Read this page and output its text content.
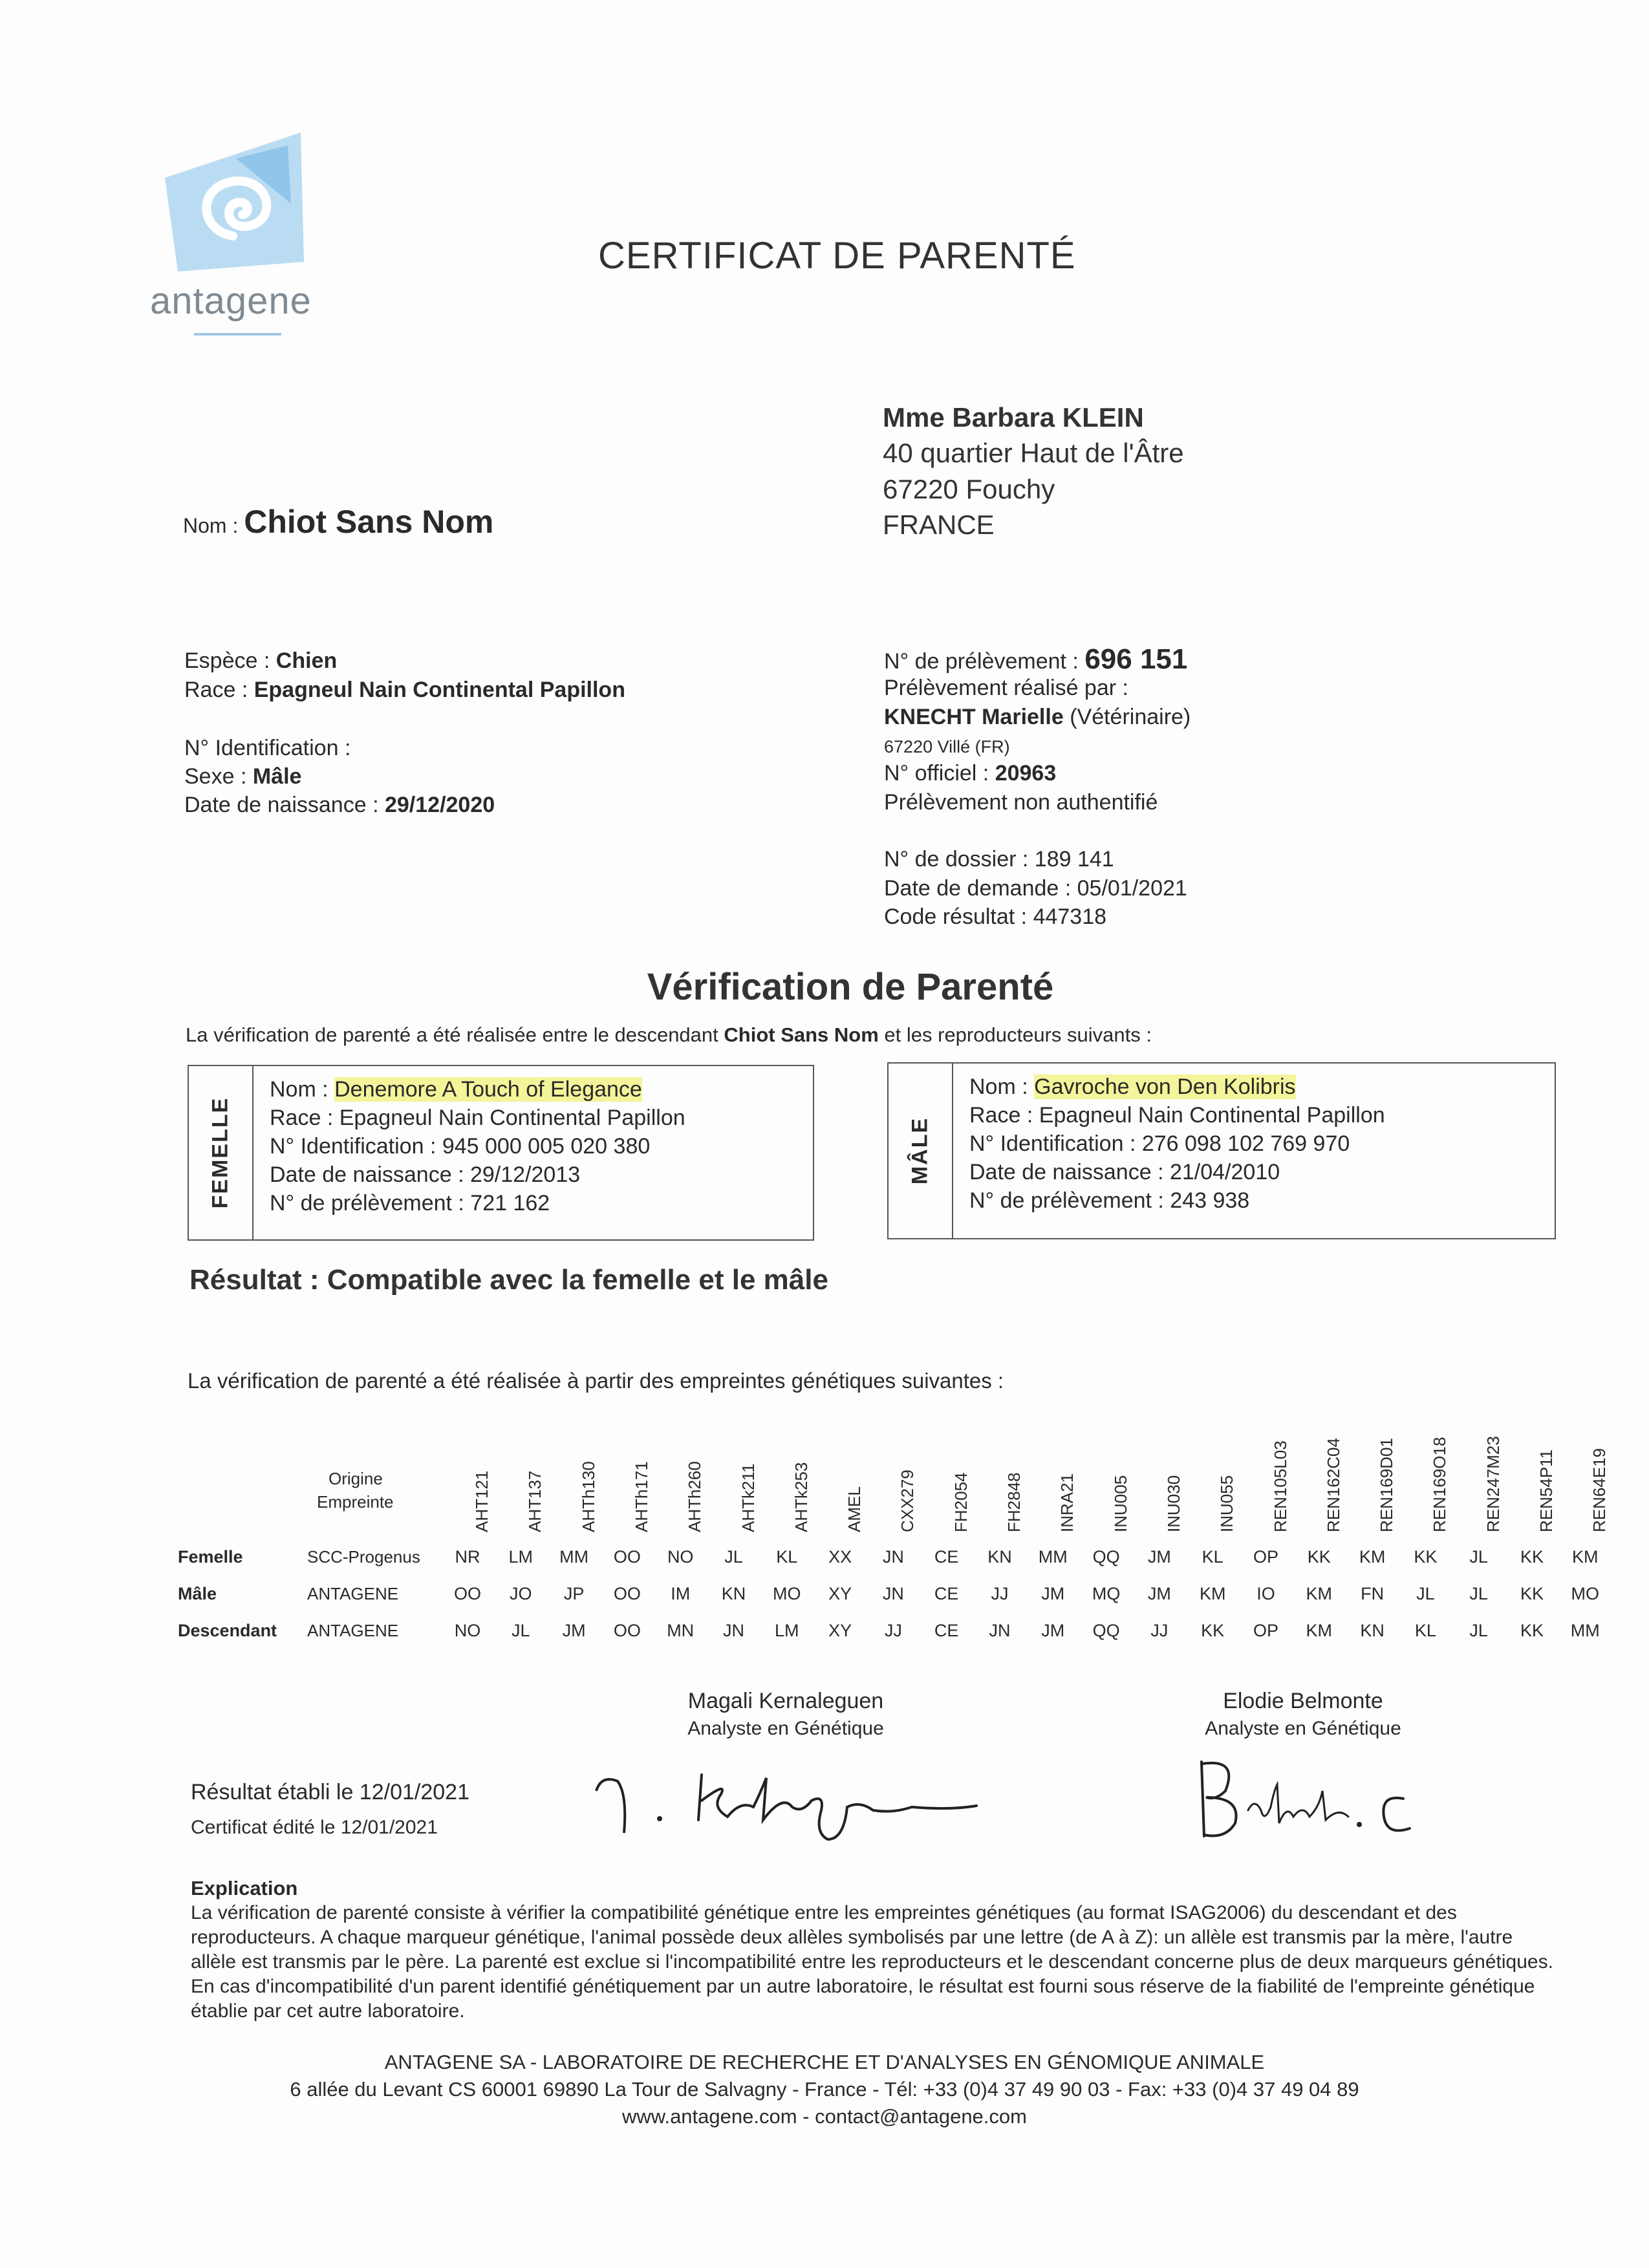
antagene
CERTIFICAT DE PARENTÉ
Mme Barbara KLEIN
40 quartier Haut de l'Âtre
67220 Fouchy
FRANCE
Nom : Chiot Sans Nom
Espèce : Chien
Race : Epagneul Nain Continental Papillon
N° Identification :
Sexe : Mâle
Date de naissance : 29/12/2020
N° de prélèvement : 696 151
Prélèvement réalisé par :
KNECHT Marielle (Vétérinaire)
67220 Villé (FR)
N° officiel : 20963
Prélèvement non authentifié
N° de dossier : 189 141
Date de demande : 05/01/2021
Code résultat : 447318
Vérification de Parenté
La vérification de parenté a été réalisée entre le descendant Chiot Sans Nom et les reproducteurs suivants :
FEMELLE
Nom : Denemore A Touch of Elegance
Race : Epagneul Nain Continental Papillon
N° Identification : 945 000 005 020 380
Date de naissance : 29/12/2013
N° de prélèvement : 721 162
MÂLE
Nom : Gavroche von Den Kolibris
Race : Epagneul Nain Continental Papillon
N° Identification : 276 098 102 769 970
Date de naissance : 21/04/2010
N° de prélèvement : 243 938
Résultat : Compatible avec la femelle et le mâle
La vérification de parenté a été réalisée à partir des empreintes génétiques suivantes :
Origine
Empreinte	AHT121 AHT137 AHTh130 AHTh171 AHTh260 AHTk211 AHTk253 AMEL CXX279 FH2054 FH2848 INRA21 INU005 INU030 INU055 REN105L03 REN162C04 REN169D01 REN169O18 REN247M23 REN54P11 REN64E19
Femelle	SCC-Progenus	NR	LM	MM	OO	NO	JL	KL	XX	JN	CE	KN	MM	QQ	JM	KL	OP	KK	KM	KK	JL	KK	KM
Mâle	ANTAGENE	OO	JO	JP	OO	IM	KN	MO	XY	JN	CE	JJ	JM	MQ	JM	KM	IO	KM	FN	JL	JL	KK	MO
Descendant ANTAGENE	NO	JL	JM	OO	MN	JN	LM	XY	JJ	CE	JN	JM	QQ	JJ	KK	OP	KM	KN	KL	JL	KK	MM
Magali Kernaleguen
Analyste en Génétique
Elodie Belmonte
Analyste en Génétique
Résultat établi le 12/01/2021
Certificat édité le 12/01/2021
Explication
La vérification de parenté consiste à vérifier la compatibilité génétique entre les empreintes génétiques (au format ISAG2006) du descendant et des reproducteurs. A chaque marqueur génétique, l'animal possède deux allèles symbolisés par une lettre (de A à Z): un allèle est transmis par la mère, l'autre allèle est transmis par le père. La parenté est exclue si l'incompatibilité entre les reproducteurs et le descendant concerne plus de deux marqueurs génétiques. En cas d'incompatibilité d'un parent identifié génétiquement par un autre laboratoire, le résultat est fourni sous réserve de la fiabilité de l'empreinte génétique établie par cet autre laboratoire.
ANTAGENE SA - LABORATOIRE DE RECHERCHE ET D'ANALYSES EN GÉNOMIQUE ANIMALE
6 allée du Levant CS 60001 69890 La Tour de Salvagny - France - Tél: +33 (0)4 37 49 90 03 - Fax: +33 (0)4 37 49 04 89
www.antagene.com - contact@antagene.com
